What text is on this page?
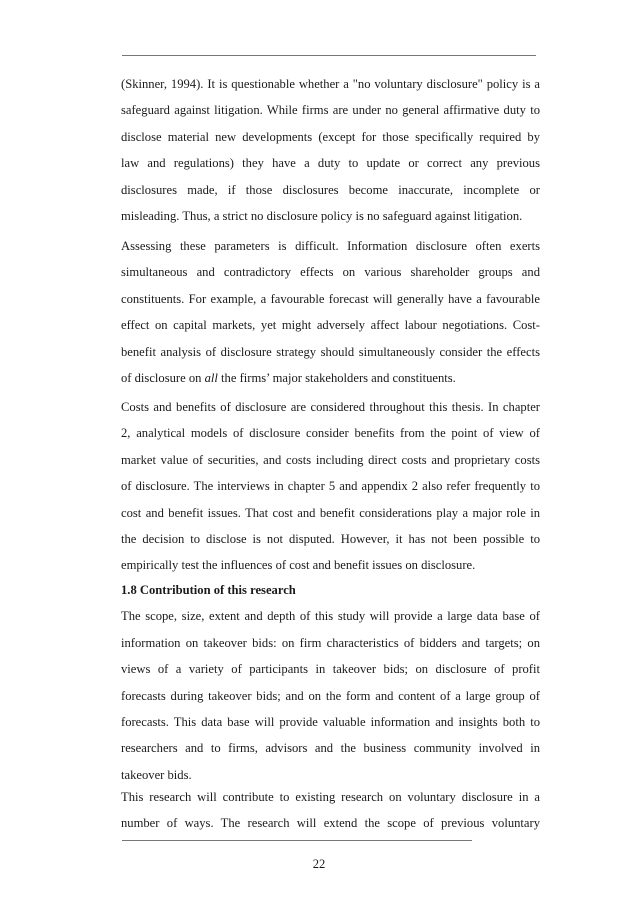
(Skinner, 1994). It is questionable whether a "no voluntary disclosure" policy is a
safeguard against litigation. While firms are under no general affirmative duty to
disclose material new developments (except for those specifically required by
law and regulations) they have a duty to update or correct any previous
disclosures made, if those disclosures become inaccurate, incomplete or
misleading. Thus, a strict no disclosure policy is no safeguard against litigation.
Assessing these parameters is difficult. Information disclosure often exerts
simultaneous and contradictory effects on various shareholder groups and
constituents. For example, a favourable forecast will generally have a favourable
effect on capital markets, yet might adversely affect labour negotiations. Cost-
benefit analysis of disclosure strategy should simultaneously consider the effects
of disclosure on all the firms’ major stakeholders and constituents.
Costs and benefits of disclosure are considered throughout this thesis. In chapter
2, analytical models of disclosure consider benefits from the point of view of
market value of securities, and costs including direct costs and proprietary costs
of disclosure. The interviews in chapter 5 and appendix 2 also refer frequently to
cost and benefit issues. That cost and benefit considerations play a major role in
the decision to disclose is not disputed. However, it has not been possible to
empirically test the influences of cost and benefit issues on disclosure.
1.8 Contribution of this research
The scope, size, extent and depth of this study will provide a large data base of
information on takeover bids: on firm characteristics of bidders and targets; on
views of a variety of participants in takeover bids; on disclosure of profit
forecasts during takeover bids; and on the form and content of a large group of
forecasts. This data base will provide valuable information and insights both to
researchers and to firms, advisors and the business community involved in
takeover bids.
This research will contribute to existing research on voluntary disclosure in a
number of ways. The research will extend the scope of previous voluntary
22
